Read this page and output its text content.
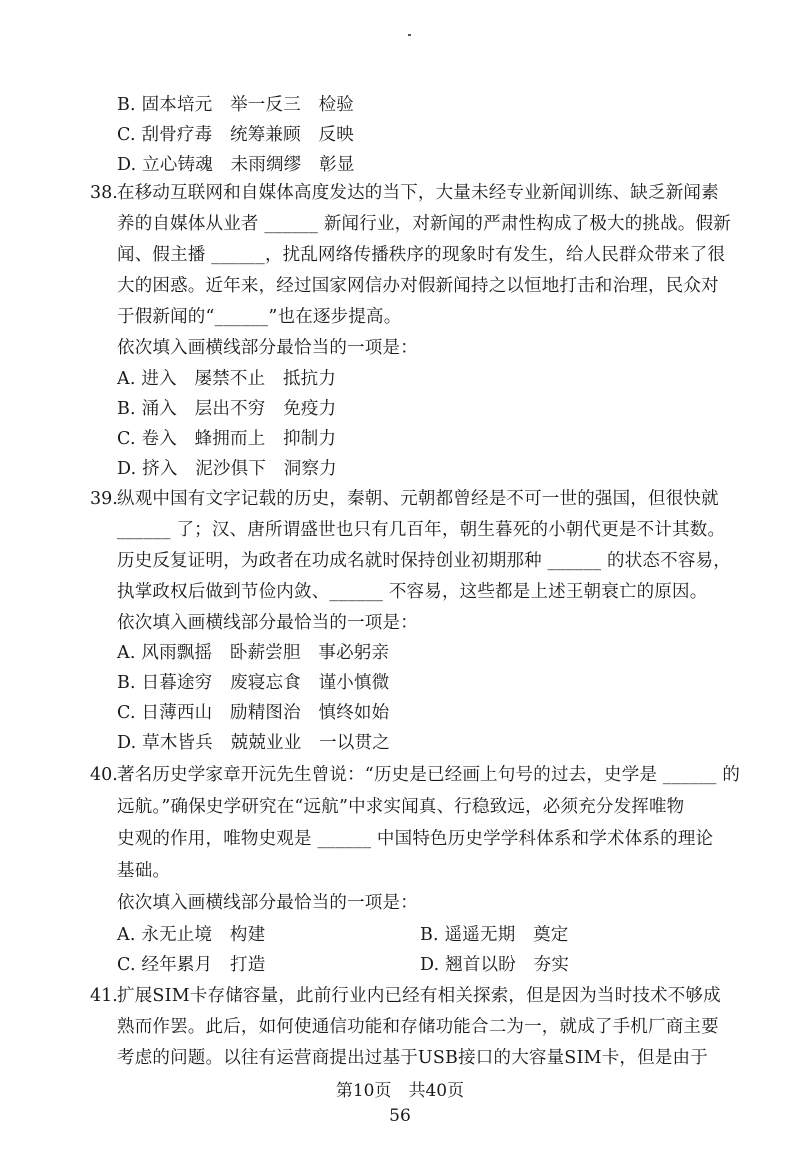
B. 固本培元　举一反三　检验
C. 刮骨疗毒　统筹兼顾　反映
D. 立心铸魂　未雨绸缪　彰显
38. 在移动互联网和自媒体高度发达的当下，大量未经专业新闻训练、缺乏新闻素
养的自媒体从业者 ______ 新闻行业，对新闻的严肃性构成了极大的挑战。假新
闻、假主播 ______，扰乱网络传播秩序的现象时有发生，给人民群众带来了很
大的困惑。近年来，经过国家网信办对假新闻持之以恒地打击和治理，民众对
于假新闻的“______”也在逐步提高。
依次填入画横线部分最恰当的一项是：
A. 进入　屡禁不止　抵抗力
B. 涌入　层出不穷　免疫力
C. 卷入　蜂拥而上　抑制力
D. 挤入　泥沙俱下　洞察力
39. 纵观中国有文字记载的历史，秦朝、元朝都曾经是不可一世的强国，但很快就
______ 了；汉、唐所谓盛世也只有几百年，朝生暮死的小朝代更是不计其数。
历史反复证明，为政者在功成名就时保持创业初期那种 ______ 的状态不容易，
执掌政权后做到节俭内敛、______ 不容易，这些都是上述王朝衰亡的原因。
依次填入画横线部分最恰当的一项是：
A. 风雨飘摇　卧薪尝胆　事必躬亲
B. 日暮途穷　废寝忘食　谨小慎微
C. 日薄西山　励精图治　慎终如始
D. 草木皆兵　兢兢业业　一以贯之
40. 著名历史学家章开沅先生曾说：“历史是已经画上句号的过去，史学是 ______ 的
远航。”确保史学研究在“远航”中求实闻真、行稳致远，必须充分发挥唯物
史观的作用，唯物史观是 ______ 中国特色历史学学科体系和学术体系的理论
基础。
依次填入画横线部分最恰当的一项是：
A. 永无止境　构建	B. 遥遥无期　奠定
C. 经年累月　打造	D. 翘首以盼　夯实
41. 扩展SIM卡存储容量，此前行业内已经有相关探索，但是因为当时技术不够成
熟而作罢。此后，如何使通信功能和存储功能合二为一，就成了手机厂商主要
考虑的问题。以往有运营商提出过基于USB接口的大容量SIM卡，但是由于
第10页　共40页
56
